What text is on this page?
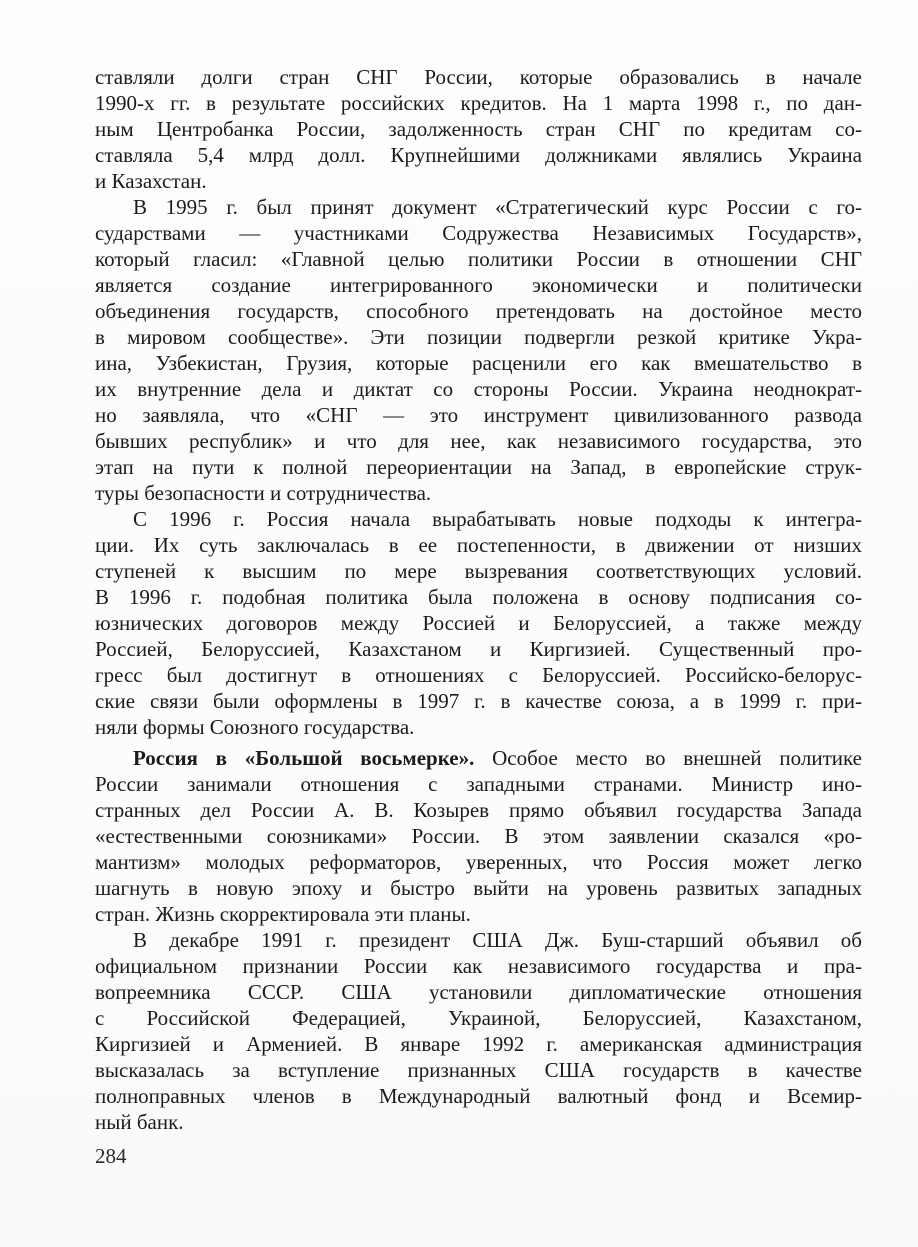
ставляли долги стран СНГ России, которые образовались в начале
1990-х гг. в результате российских кредитов. На 1 марта 1998 г., по дан-
ным Центробанка России, задолженность стран СНГ по кредитам со-
ставляла 5,4 млрд долл. Крупнейшими должниками являлись Украина
и Казахстан.

В 1995 г. был принят документ «Стратегический курс России с го-
сударствами — участниками Содружества Независимых Государств»,
который гласил: «Главной целью политики России в отношении СНГ
является создание интегрированного экономически и политически
объединения государств, способного претендовать на достойное место
в мировом сообществе». Эти позиции подвергли резкой критике Укра-
ина, Узбекистан, Грузия, которые расценили его как вмешательство в
их внутренние дела и диктат со стороны России. Украина неоднократ-
но заявляла, что «СНГ — это инструмент цивилизованного развода
бывших республик» и что для нее, как независимого государства, это
этап на пути к полной переориентации на Запад, в европейские струк-
туры безопасности и сотрудничества.

С 1996 г. Россия начала вырабатывать новые подходы к интегра-
ции. Их суть заключалась в ее постепенности, в движении от низших
ступеней к высшим по мере вызревания соответствующих условий.
В 1996 г. подобная политика была положена в основу подписания со-
юзнических договоров между Россией и Белоруссией, а также между
Россией, Белоруссией, Казахстаном и Киргизией. Существенный про-
гресс был достигнут в отношениях с Белоруссией. Российско-белорус-
ские связи были оформлены в 1997 г. в качестве союза, а в 1999 г. при-
няли формы Союзного государства.

Россия в «Большой восьмерке». Особое место во внешней политике
России занимали отношения с западными странами. Министр ино-
странных дел России А. В. Козырев прямо объявил государства Запада
«естественными союзниками» России. В этом заявлении сказался «ро-
мантизм» молодых реформаторов, уверенных, что Россия может легко
шагнуть в новую эпоху и быстро выйти на уровень развитых западных
стран. Жизнь скорректировала эти планы.

В декабре 1991 г. президент США Дж. Буш-старший объявил об
официальном признании России как независимого государства и пра-
вопреемника СССР. США установили дипломатические отношения
с Российской Федерацией, Украиной, Белоруссией, Казахстаном,
Киргизией и Арменией. В январе 1992 г. американская администрация
высказалась за вступление признанных США государств в качестве
полноправных членов в Международный валютный фонд и Всемир-
ный банк.

284
